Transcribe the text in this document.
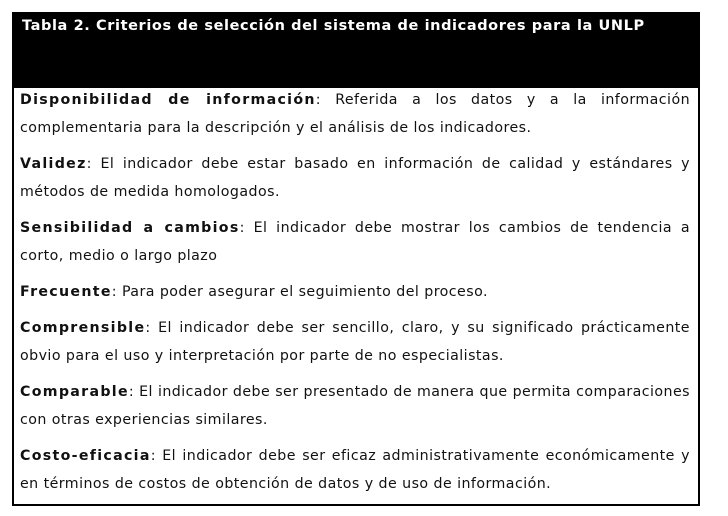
Tabla 2. Criterios de selección del sistema de indicadores para la UNLP
Disponibilidad de información: Referida a los datos y a la información complementaria para la descripción y el análisis de los indicadores.
Validez: El indicador debe estar basado en información de calidad y estándares y métodos de medida homologados.
Sensibilidad a cambios: El indicador debe mostrar los cambios de tendencia a corto, medio o largo plazo
Frecuente: Para poder asegurar el seguimiento del proceso.
Comprensible: El indicador debe ser sencillo, claro, y su significado prácticamente obvio para el uso y interpretación por parte de no especialistas.
Comparable: El indicador debe ser presentado de manera que permita comparaciones con otras experiencias similares.
Costo-eficacia: El indicador debe ser eficaz administrativamente económicamente y en términos de costos de obtención de datos y de uso de información.
